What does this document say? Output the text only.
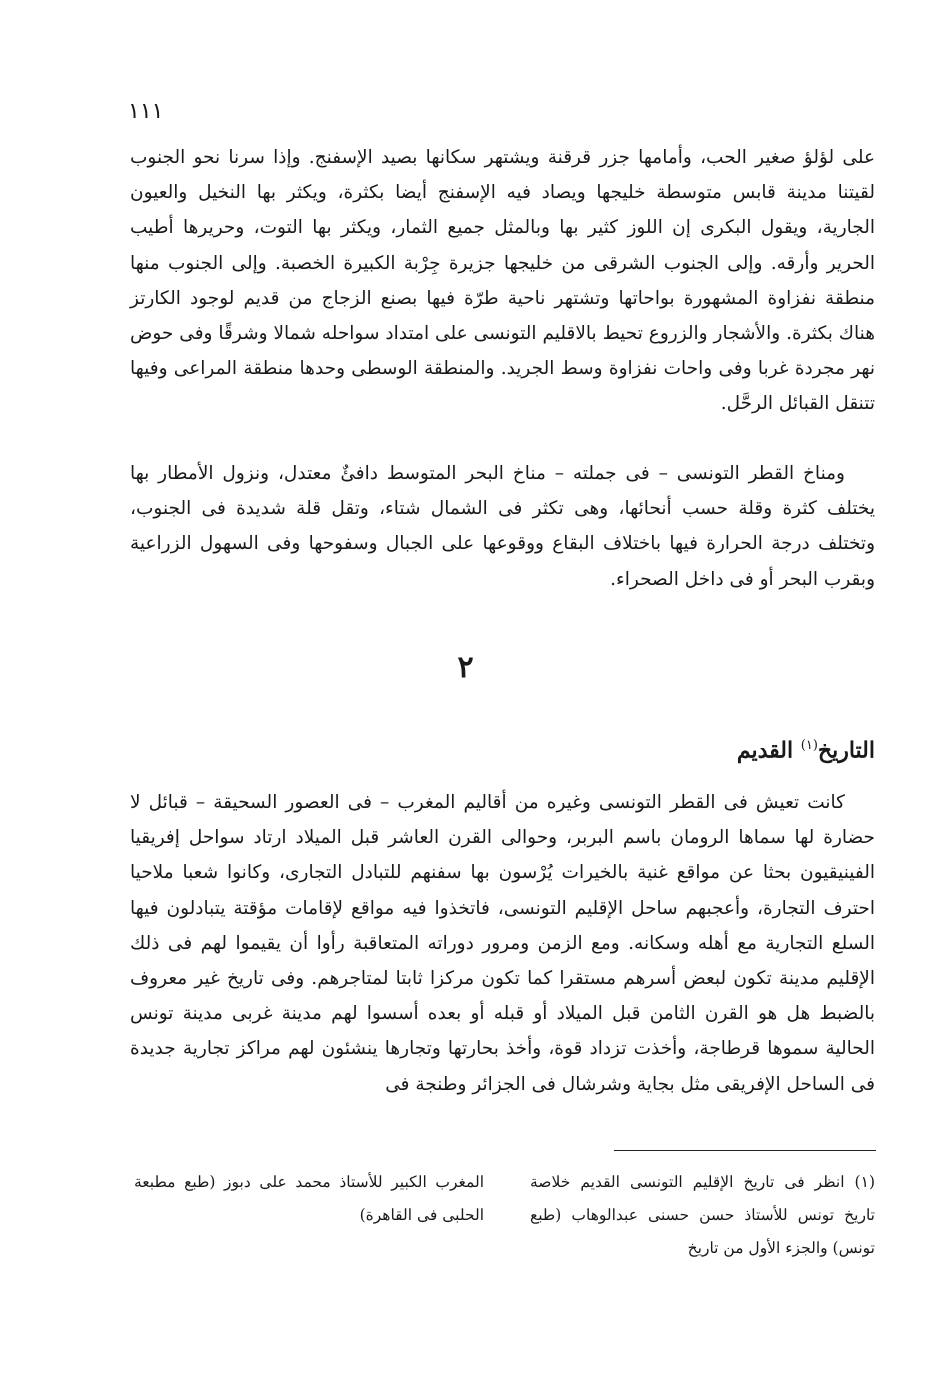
١١١

على لؤلؤ صغير الحب، وأمامها جزر قرقنة ويشتهر سكانها بصيد الإسفنج. وإذا سرنا نحو الجنوب لقيتنا مدينة قابس متوسطة خليجها ويصاد فيه الإسفنج أيضا بكثرة، ويكثر بها النخيل والعيون الجارية، ويقول البكرى إن اللوز كثير بها وبالمثل جميع الثمار، ويكثر بها التوت، وحريرها أطيب الحرير وأرقه. وإلى الجنوب الشرقى من خليجها جزيرة جِرْبة الكبيرة الخصبة. وإلى الجنوب منها منطقة نفزاوة المشهورة بواحاتها وتشتهر ناحية طرّة فيها بصنع الزجاج من قديم لوجود الكارتز هناك بكثرة. والأشجار والزروع تحيط بالاقليم التونسى على امتداد سواحله شمالا وشرقًا وفى حوض نهر مجردة غربا وفى واحات نفزاوة وسط الجريد. والمنطقة الوسطى وحدها منطقة المراعى وفيها تتنقل القبائل الرحَّل.

ومناخ القطر التونسى – فى جملته – مناخ البحر المتوسط دافئٌ معتدل، ونزول الأمطار بها يختلف كثرة وقلة حسب أنحائها، وهى تكثر فى الشمال شتاء، وتقل قلة شديدة فى الجنوب، وتختلف درجة الحرارة فيها باختلاف البقاع ووقوعها على الجبال وسفوحها وفى السهول الزراعية وبقرب البحر أو فى داخل الصحراء.

٢
التاريخ$^{(١)}$ القديم

كانت تعيش فى القطر التونسى وغيره من أقاليم المغرب – فى العصور السحيقة – قبائل لا حضارة لها سماها الرومان باسم البربر، وحوالى القرن العاشر قبل الميلاد ارتاد سواحل إفريقيا الفينيقيون بحثا عن مواقع غنية بالخيرات يُرْسون بها سفنهم للتبادل التجارى، وكانوا شعبا ملاحيا احترف التجارة، وأعجبهم ساحل الإقليم التونسى، فاتخذوا فيه مواقع لإقامات مؤقتة يتبادلون فيها السلع التجارية مع أهله وسكانه. ومع الزمن ومرور دوراته المتعاقبة رأوا أن يقيموا لهم فى ذلك الإقليم مدينة تكون لبعض أسرهم مستقرا كما تكون مركزا ثابتا لمتاجرهم. وفى تاريخ غير معروف بالضبط هل هو القرن الثامن قبل الميلاد أو قبله أو بعده أسسوا لهم مدينة غربى مدينة تونس الحالية سموها قرطاجة، وأخذت تزداد قوة، وأخذ بحارتها وتجارها ينشئون لهم مراكز تجارية جديدة فى الساحل الإفريقى مثل بجاية وشرشال فى الجزائر وطنجة فى

(١) انظر فى تاريخ الإقليم التونسى القديم خلاصة تاريخ تونس للأستاذ حسن حسنى عبدالوهاب (طبع تونس) والجزء الأول من تاريخ

المغرب الكبير للأستاذ محمد على دبوز (طبع مطبعة الحلبى فى القاهرة)
